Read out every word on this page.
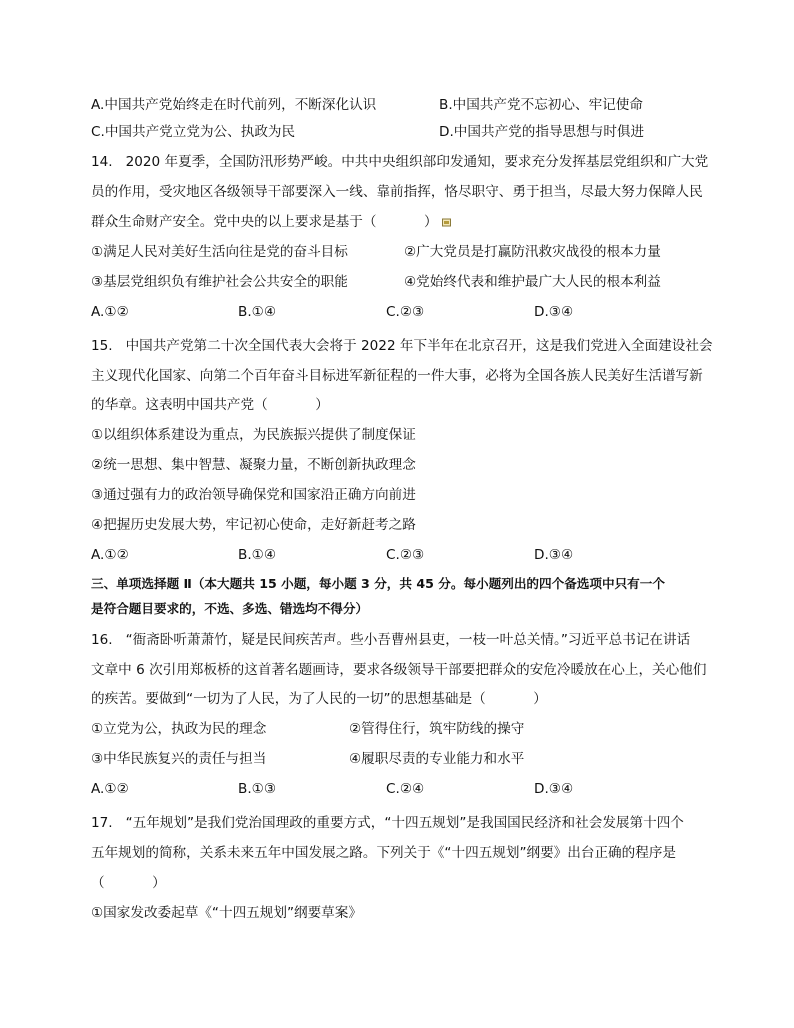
A.中国共产党始终走在时代前列，不断深化认识	B.中国共产党不忘初心、牢记使命
C.中国共产党立党为公、执政为民	D.中国共产党的指导思想与时俱进
14.   2020 年夏季，全国防汛形势严峻。中共中央组织部印发通知，要求充分发挥基层党组织和广大党
员的作用，受灾地区各级领导干部要深入一线、靠前指挥，恪尽职守、勇于担当，尽最大努力保障人民
群众生命财产安全。党中央的以上要求是基于（           ）
①满足人民对美好生活向往是党的奋斗目标	②广大党员是打赢防汛救灾战役的根本力量
③基层党组织负有维护社会公共安全的职能	④党始终代表和维护最广大人民的根本利益
A.①②	B.①④	C.②③	D.③④
15.   中国共产党第二十次全国代表大会将于 2022 年下半年在北京召开，这是我们党进入全面建设社会
主义现代化国家、向第二个百年奋斗目标进军新征程的一件大事，必将为全国各族人民美好生活谱写新
的华章。这表明中国共产党（           ）
①以组织体系建设为重点，为民族振兴提供了制度保证
②统一思想、集中智慧、凝聚力量，不断创新执政理念
③通过强有力的政治领导确保党和国家沿正确方向前进
④把握历史发展大势，牢记初心使命，走好新赶考之路
A.①②	B.①④	C.②③	D.③④
三、单项选择题 Ⅱ（本大题共 15 小题，每小题 3 分，共 45 分。每小题列出的四个备选项中只有一个
是符合题目要求的，不选、多选、错选均不得分）
16.   “衙斋卧听萧萧竹，疑是民间疾苦声。些小吾曹州县吏，一枝一叶总关情。”习近平总书记在讲话
文章中 6 次引用郑板桥的这首著名题画诗，要求各级领导干部要把群众的安危冷暖放在心上，关心他们
的疾苦。要做到“一切为了人民，为了人民的一切”的思想基础是（           ）
①立党为公，执政为民的理念	②管得住行，筑牢防线的操守
③中华民族复兴的责任与担当	④履职尽责的专业能力和水平
A.①②	B.①③	C.②④	D.③④
17.   “五年规划”是我们党治国理政的重要方式，“十四五规划”是我国国民经济和社会发展第十四个
五年规划的简称，关系未来五年中国发展之路。下列关于《“十四五规划”纲要》出台正确的程序是
（           ）
①国家发改委起草《“十四五规划”纲要草案》
